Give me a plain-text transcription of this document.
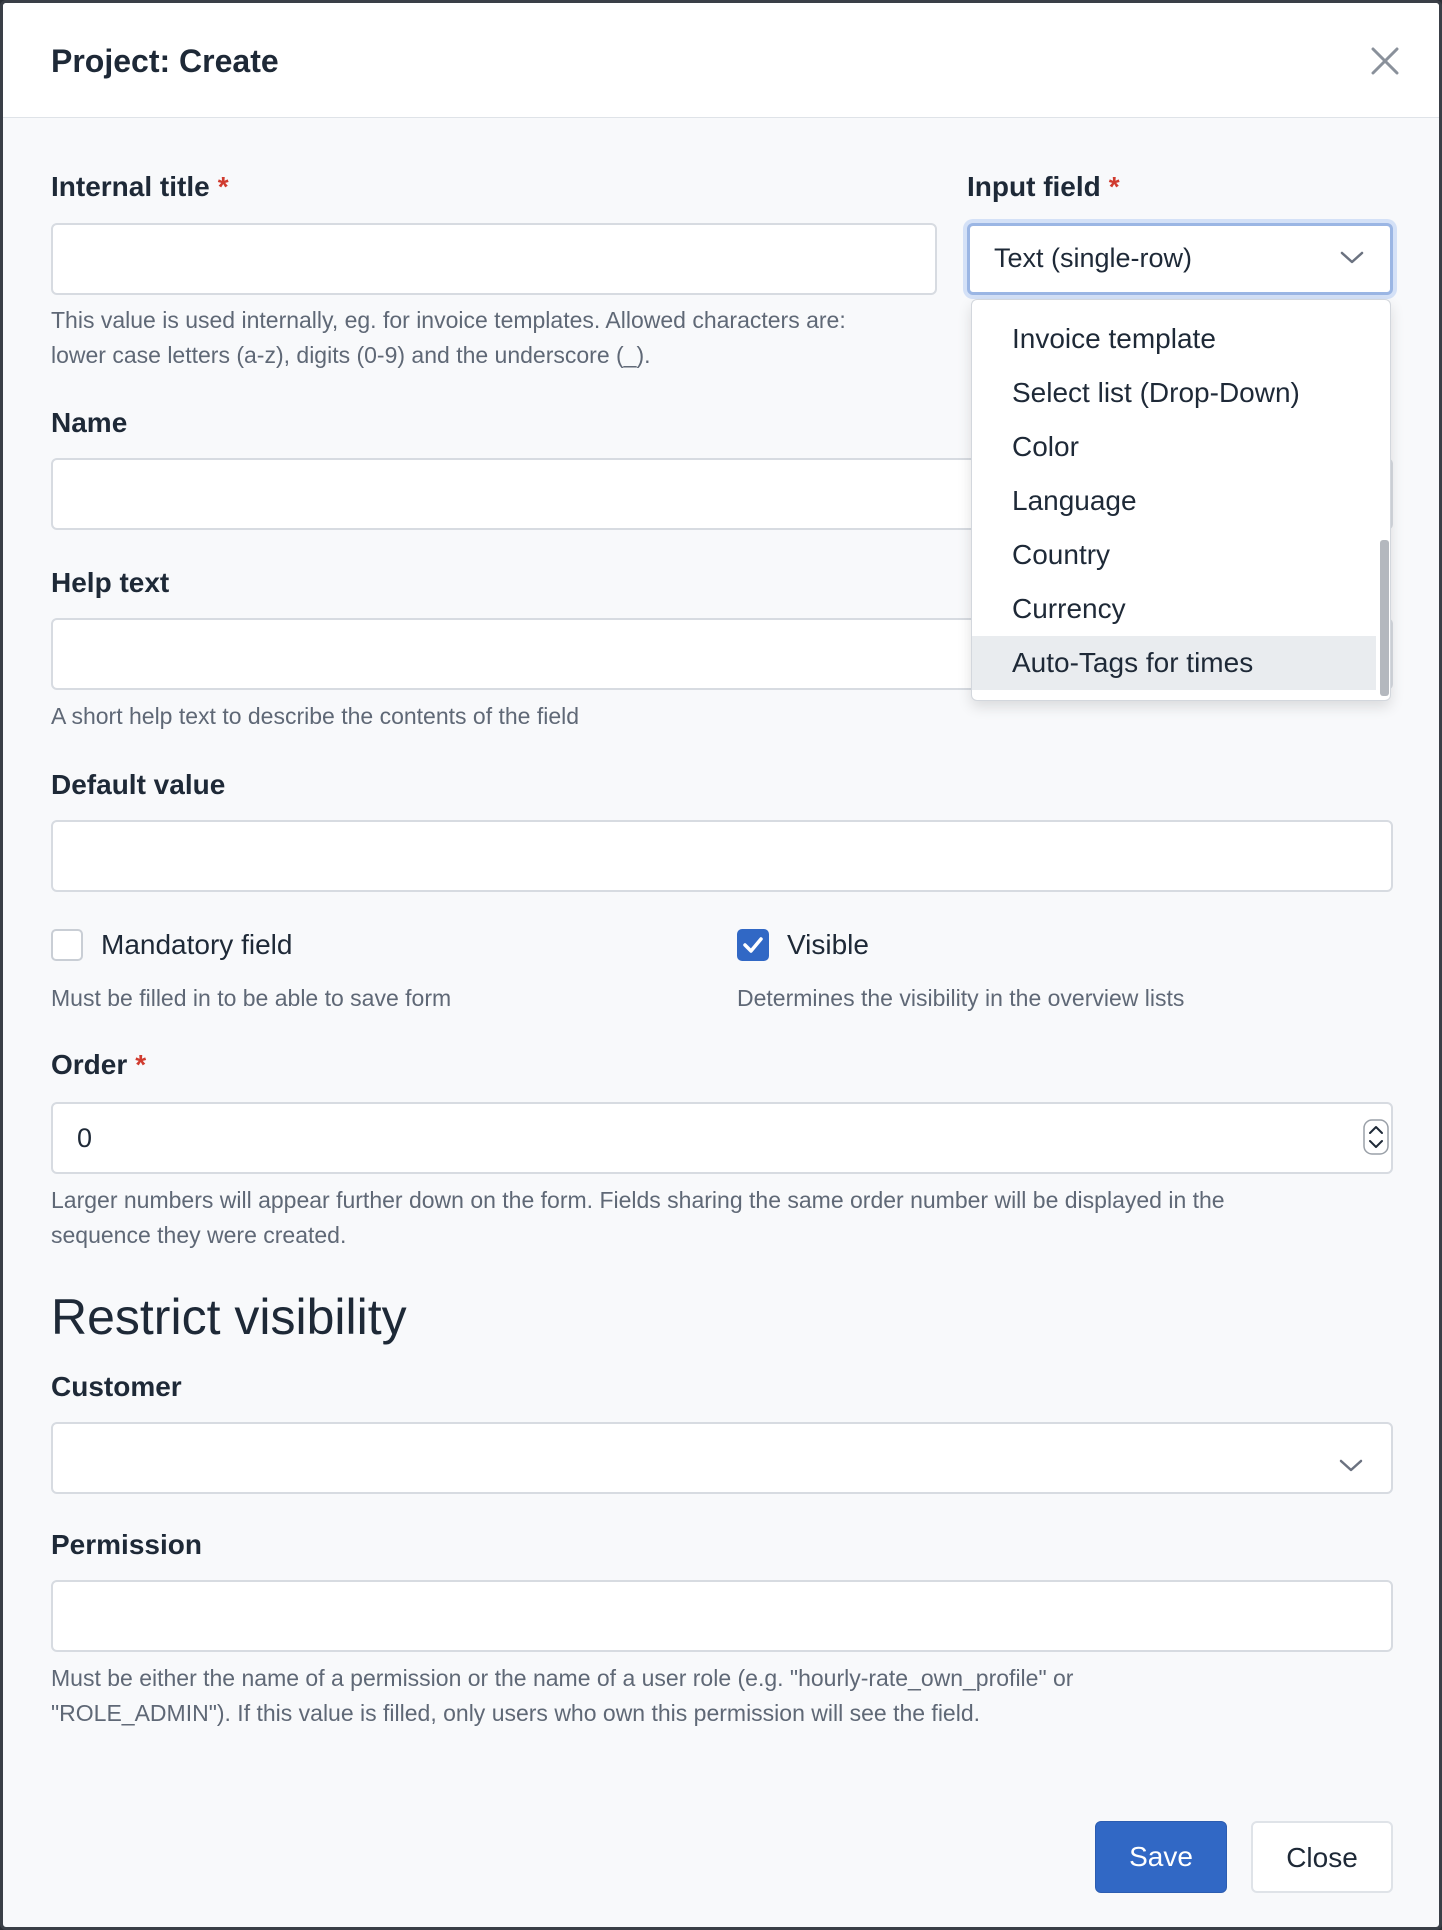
Project: Create
Internal title *
This value is used internally, eg. for invoice templates. Allowed characters are:
lower case letters (a-z), digits (0-9) and the underscore (_).
Input field *
Text (single-row)
Name
Help text
A short help text to describe the contents of the field
Default value
Mandatory field
Must be filled in to be able to save form
Visible
Determines the visibility in the overview lists
Order *
0
Larger numbers will appear further down on the form. Fields sharing the same order number will be displayed in the
sequence they were created.
Restrict visibility
Customer
Permission
Must be either the name of a permission or the name of a user role (e.g. "hourly-rate_own_profile" or
"ROLE_ADMIN"). If this value is filled, only users who own this permission will see the field.
Save	Close
Invoice template
Select list (Drop-Down)
Color
Language
Country
Currency
Auto-Tags for times
